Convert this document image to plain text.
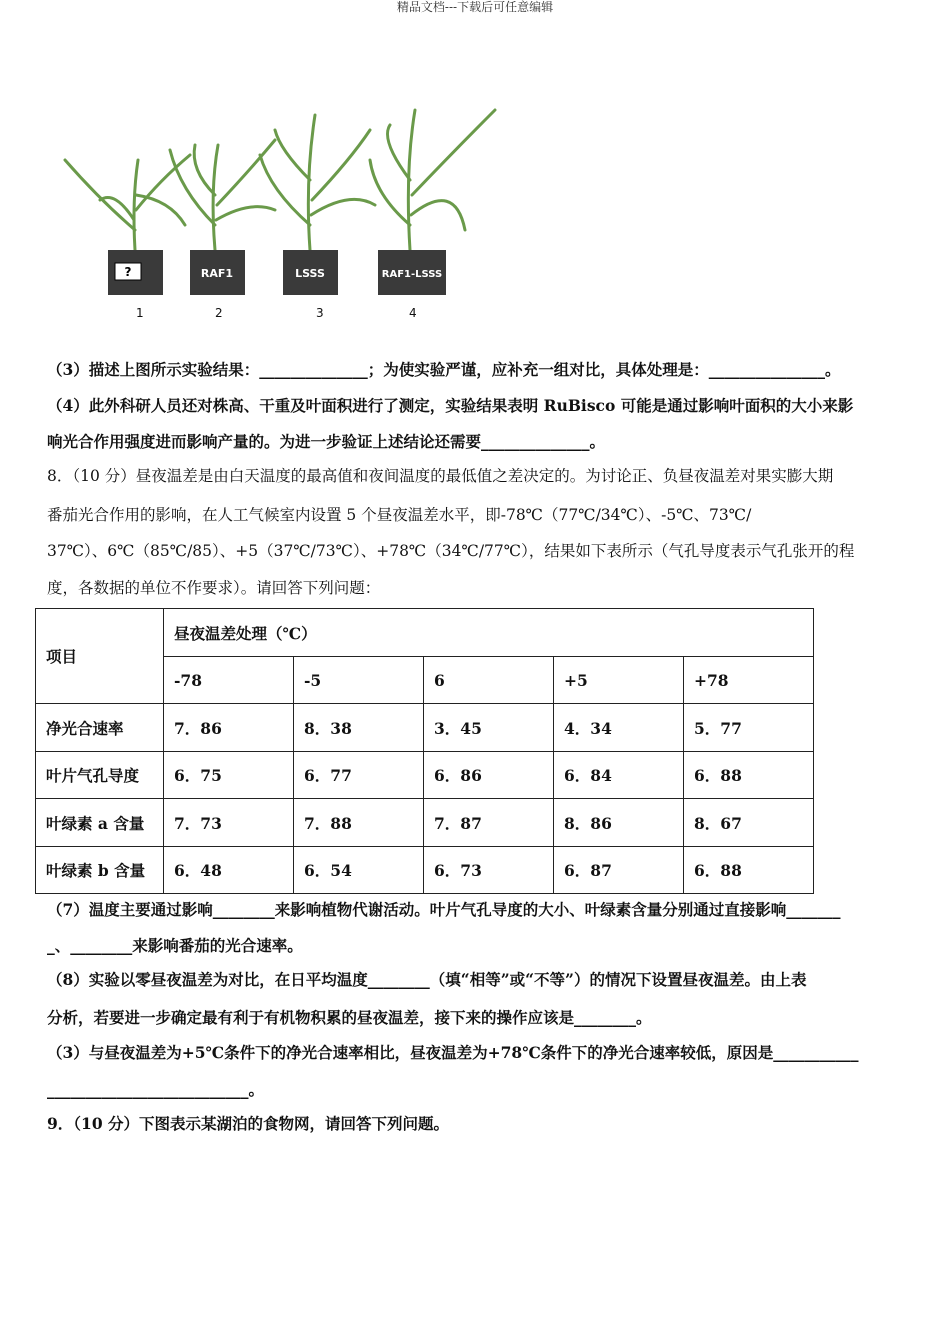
精品文档---下载后可任意编辑
?	RAF1	LSSS	RAF1-LSSS
1	2	3	4
（3）描述上图所示实验结果：______________；为使实验严谨，应补充一组对比，具体处理是：_______________。
（4）此外科研人员还对株高、干重及叶面积进行了测定，实验结果表明 RuBisco 可能是通过影响叶面积的大小来影
响光合作用强度进而影响产量的。为进一步验证上述结论还需要______________。
8．（10 分）昼夜温差是由白天温度的最高值和夜间温度的最低值之差决定的。为讨论正、负昼夜温差对果实膨大期
番茄光合作用的影响，在人工气候室内设置 5 个昼夜温差水平，即-78℃（77℃/34℃）、-5℃、73℃/
37℃）、6℃（85℃/85）、+5（37℃/73℃）、+78℃（34℃/77℃），结果如下表所示（气孔导度表示气孔张开的程
度，各数据的单位不作要求）。请回答下列问题：
项目	昼夜温差处理（℃）				
	-78	-5	6	+5	+78
净光合速率	7．86	8．38	3．45	4．34	5．77
叶片气孔导度	6．75	6．77	6．86	6．84	6．88
叶绿素 a 含量	7．73	7．88	7．87	8．86	8．67
叶绿素 b 含量	6．48	6．54	6．73	6．87	6．88
（7）温度主要通过影响________来影响植物代谢活动。叶片气孔导度的大小、叶绿素含量分别通过直接影响_______
_、________来影响番茄的光合速率。
（8）实验以零昼夜温差为对比，在日平均温度________（填“相等”或“不等”）的情况下设置昼夜温差。由上表
分析，若要进一步确定最有利于有机物积累的昼夜温差，接下来的操作应该是________。
（3）与昼夜温差为+5℃条件下的净光合速率相比，昼夜温差为+78℃条件下的净光合速率较低，原因是___________
__________________________。
9．（10 分）下图表示某湖泊的食物网，请回答下列问题。
